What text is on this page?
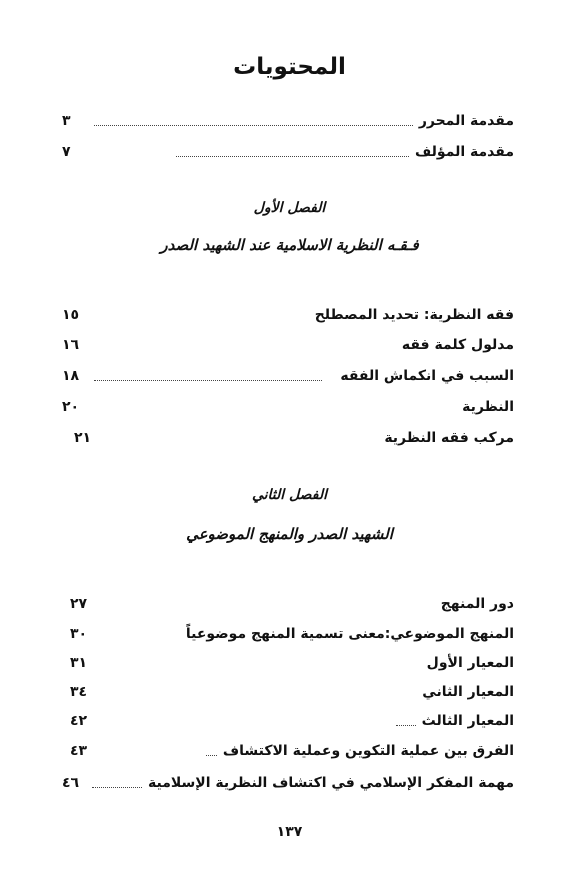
المحتويات
مقدمة المحرر
٣
مقدمة المؤلف
٧
الفصل الأول
فـقـه النظرية الاسلامية عند الشهيد الصدر
فقه النظرية: تحديد المصطلح
١٥
مدلول كلمة فقه
١٦
السبب في انكماش الفقه
١٨
النظرية
٢٠
مركب فقه النظرية
٢١
الفصل الثاني
الشهيد الصدر والمنهج الموضوعي
دور المنهج
٢٧
المنهج الموضوعي:معنى تسمية المنهج موضوعياً
٣٠
المعيار الأول
٣١
المعيار الثاني
٣٤
المعيار الثالث
٤٢
الفرق بين عملية التكوين وعملية الاكتشاف
٤٣
مهمة المفكر الإسلامي في اكتشاف النظرية الإسلامية
٤٦
١٣٧
